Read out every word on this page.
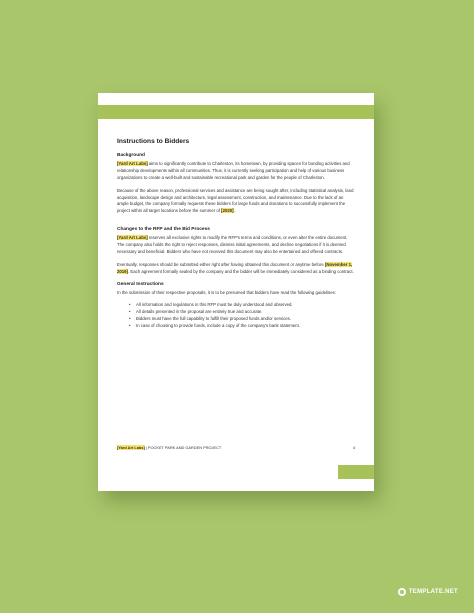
Instructions to Bidders
Background

[Yard Art Labs] aims to significantly contribute to Charleston, its hometown, by providing spaces for bonding activities and relationship developments within all communities. Thus, it is currently seeking participation and help of various business organizations to create a well-built and sustainable recreational park and garden for the people of Charleston.

Because of the above reason, professional services and assistance are being sought after, including statistical analysis, land acquisition, landscape design and architecture, legal assessment, construction, and maintenance. Due to the lack of an ample budget, the company formally requests these bidders for large funds and donations to successfully implement the project within all target locations before the summer of [2020].

Changes to the RFP and the Bid Process

[Yard Art Labs] reserves all exclusive rights to modify the RFP's terms and conditions, or even alter the entire document. The company also holds the right to reject responses, dismiss initial agreements, and decline negotiations if it is deemed necessary and beneficial. Bidders who have not received this document may also be entertained and offered contracts.

Eventually, responses should be submitted either right after having obtained this document or anytime before [November 1, 2019]. Each agreement formally sealed by the company and the bidder will be immediately considered as a binding contract.

General Instructions

In the submission of their respective proposals, it is to be presumed that bidders have read the following guidelines:

• All information and regulations in this RFP must be duly understood and observed.
• All details presented in the proposal are entirely true and accurate.
• Bidders must have the full capability to fulfill their proposed funds and/or services.
• In case of choosing to provide funds, include a copy of the company's bank statement.
[Yard Art Labs] | POCKET PARK AND GARDEN PROJECT	4
TEMPLATE.NET
